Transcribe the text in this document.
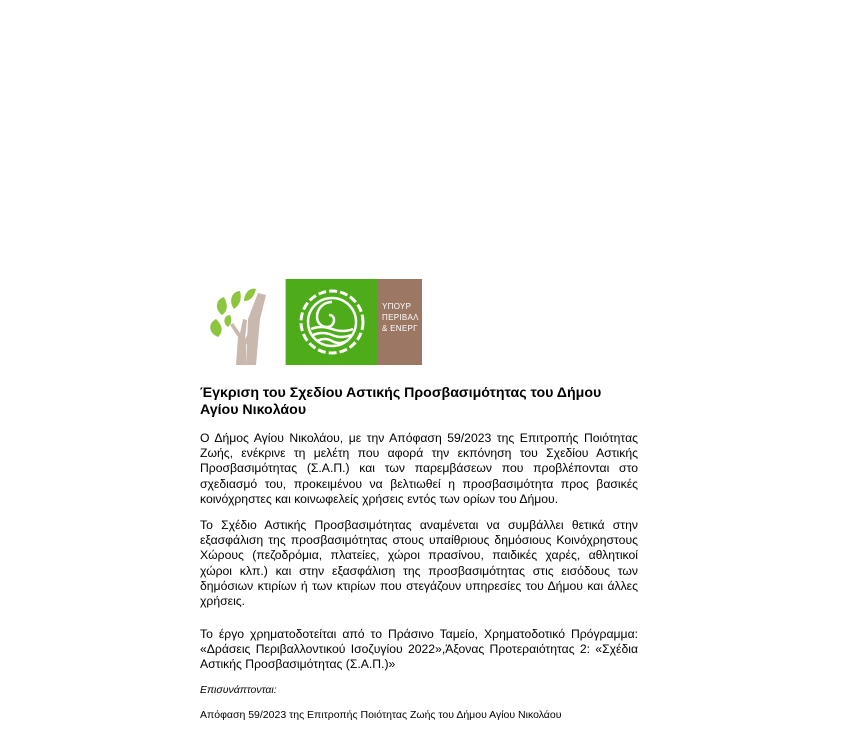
ΥΠΟΥΡ
ΠΕΡΙΒΑΛ
& ΕΝΕΡΓ
Έγκριση του Σχεδίου Αστικής Προσβασιμότητας του Δήμου Αγίου Νικολάου

Ο Δήμος Αγίου Νικολάου, με την Απόφαση 59/2023 της Επιτροπής Ποιότητας Ζωής, ενέκρινε τη μελέτη που αφορά την εκπόνηση του Σχεδίου Αστικής Προσβασιμότητας (Σ.Α.Π.) και των παρεμβάσεων που προβλέπονται στο σχεδιασμό του, προκειμένου να βελτιωθεί η προσβασιμότητα προς βασικές κοινόχρηστες και κοινωφελείς χρήσεις εντός των ορίων του Δήμου.

Το Σχέδιο Αστικής Προσβασιμότητας αναμένεται να συμβάλλει θετικά στην εξασφάλιση της προσβασιμότητας στους υπαίθριους δημόσιους Κοινόχρηστους Χώρους (πεζοδρόμια, πλατείες, χώροι πρασίνου, παιδικές χαρές, αθλητικοί χώροι κλπ.) και στην εξασφάλιση της προσβασιμότητας στις εισόδους των δημόσιων κτιρίων ή των κτιρίων που στεγάζουν υπηρεσίες του Δήμου και άλλες χρήσεις.

Το έργο χρηματοδοτείται από το Πράσινο Ταμείο, Χρηματοδοτικό Πρόγραμμα: «Δράσεις Περιβαλλοντικού Ισοζυγίου 2022»,Άξονας Προτεραιότητας 2: «Σχέδια Αστικής Προσβασιμότητας (Σ.Α.Π.)»

Επισυνάπτονται:

Απόφαση 59/2023 της Επιτροπής Ποιότητας Ζωής του Δήμου Αγίου Νικολάου
